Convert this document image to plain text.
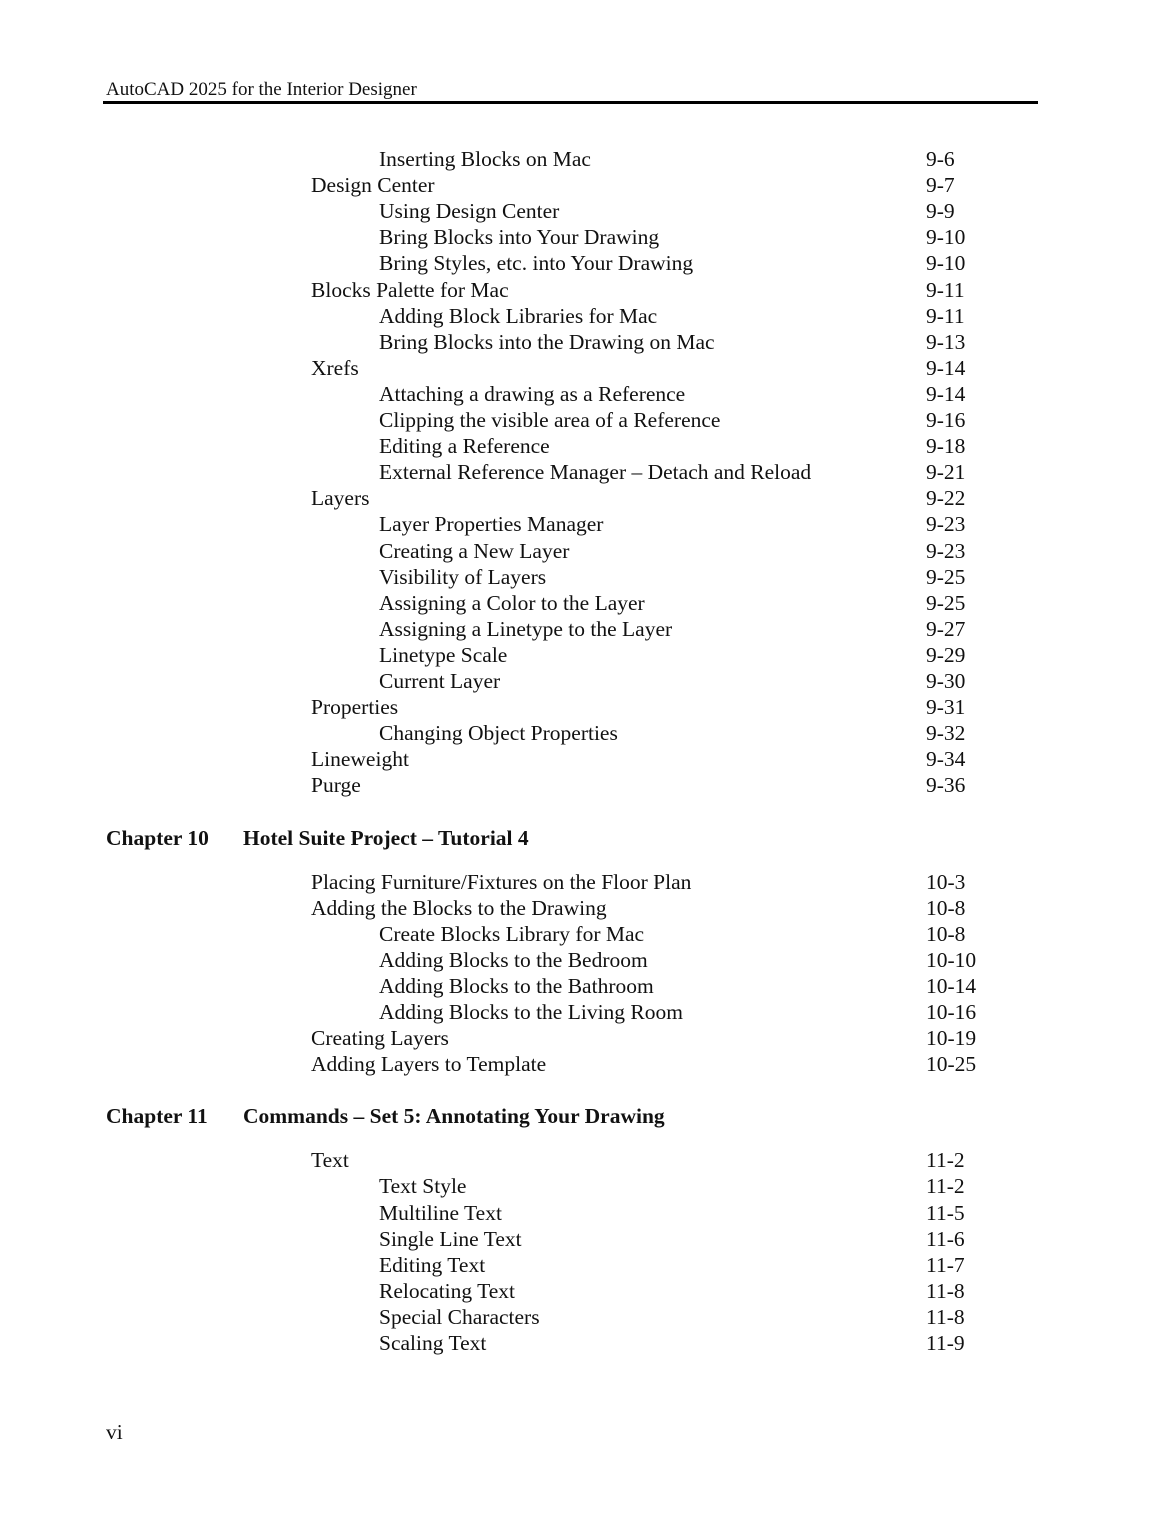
AutoCAD 2025 for the Interior Designer
Inserting Blocks on Mac	9-6
Design Center	9-7
Using Design Center	9-9
Bring Blocks into Your Drawing	9-10
Bring Styles, etc. into Your Drawing	9-10
Blocks Palette for Mac	9-11
Adding Block Libraries for Mac	9-11
Bring Blocks into the Drawing on Mac	9-13
Xrefs	9-14
Attaching a drawing as a Reference	9-14
Clipping the visible area of a Reference	9-16
Editing a Reference	9-18
External Reference Manager – Detach and Reload	9-21
Layers	9-22
Layer Properties Manager	9-23
Creating a New Layer	9-23
Visibility of Layers	9-25
Assigning a Color to the Layer	9-25
Assigning a Linetype to the Layer	9-27
Linetype Scale	9-29
Current Layer	9-30
Properties	9-31
Changing Object Properties	9-32
Lineweight	9-34
Purge	9-36
Chapter 10 Hotel Suite Project – Tutorial 4
Placing Furniture/Fixtures on the Floor Plan	10-3
Adding the Blocks to the Drawing	10-8
Create Blocks Library for Mac	10-8
Adding Blocks to the Bedroom	10-10
Adding Blocks to the Bathroom	10-14
Adding Blocks to the Living Room	10-16
Creating Layers	10-19
Adding Layers to Template	10-25
Chapter 11 Commands – Set 5: Annotating Your Drawing
Text	11-2
Text Style	11-2
Multiline Text	11-5
Single Line Text	11-6
Editing Text	11-7
Relocating Text	11-8
Special Characters	11-8
Scaling Text	11-9
vi
